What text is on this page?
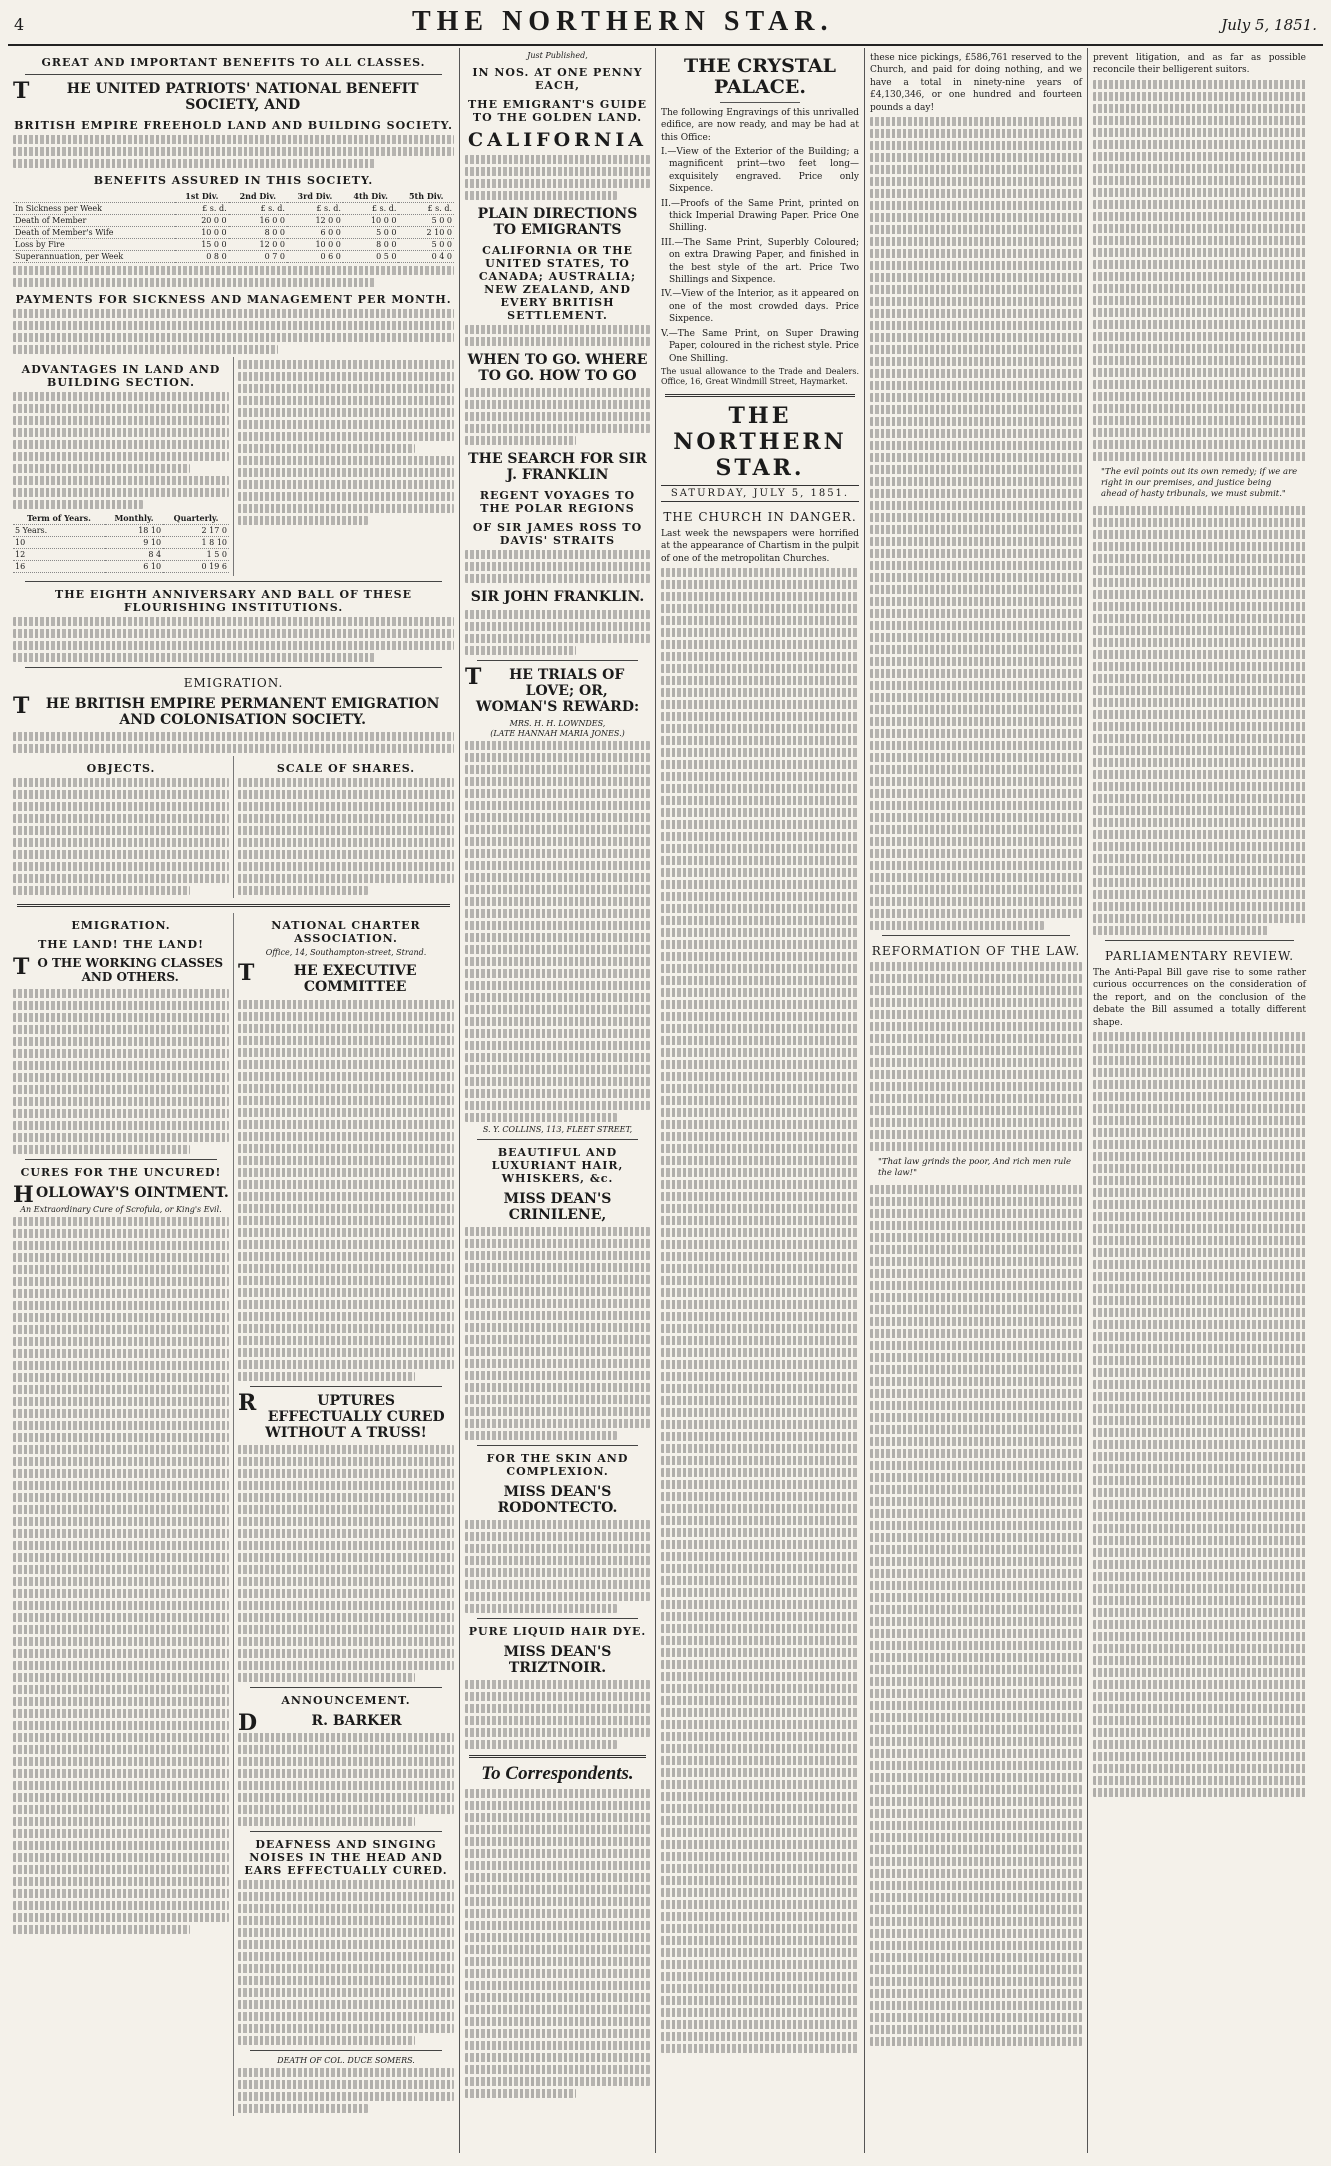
4	THE NORTHERN STAR.	July 5, 1851.
GREAT AND IMPORTANT BENEFITS TO ALL CLASSES.
THE UNITED PATRIOTS' NATIONAL BENEFIT SOCIETY, AND
BRITISH EMPIRE FREEHOLD LAND AND BUILDING SOCIETY.
BENEFITS ASSURED IN THIS SOCIETY.
	1st Div.	2nd Div.	3rd Div.	4th Div.	5th Div.
In Sickness per Week	£ s. d.	£ s. d.	£ s. d.	£ s. d.	£ s. d.
Death of Member	20 0 0	16 0 0	12 0 0	10 0 0	5 0 0
Death of Member's Wife	10 0 0	8 0 0	6 0 0	5 0 0	2 10 0
Loss by Fire	15 0 0	12 0 0	10 0 0	8 0 0	5 0 0
Superannuation, per Week	0 8 0	0 7 0	0 6 0	0 5 0	0 4 0
PAYMENTS FOR SICKNESS AND MANAGEMENT PER MONTH.
ADVANTAGES IN LAND AND BUILDING SECTION.
Term of Years.	Monthly.	Quarterly.
5 Years.	18 10	2 17 0
10	9 10	1 8 10
12	8 4	1 5 0
16	6 10	0 19 6
THE EIGHTH ANNIVERSARY AND BALL OF THESE FLOURISHING INSTITUTIONS.
EMIGRATION.
THE BRITISH EMPIRE PERMANENT EMIGRATION AND COLONISATION SOCIETY.
OBJECTS.	SCALE OF SHARES.
EMIGRATION.
THE LAND! THE LAND!
TO THE WORKING CLASSES AND OTHERS.
CURES FOR THE UNCURED!
HOLLOWAY'S OINTMENT.
An Extraordinary Cure of Scrofula, or King's Evil.
NATIONAL CHARTER ASSOCIATION.
Office, 14, Southampton-street, Strand.
THE EXECUTIVE COMMITTEE
RUPTURES EFFECTUALLY CURED WITHOUT A TRUSS!
ANNOUNCEMENT.
DR. BARKER
DEAFNESS AND SINGING NOISES IN THE HEAD AND EARS EFFECTUALLY CURED.
DEATH OF COL. DUCE SOMERS.
Just Published,
IN NOS. AT ONE PENNY EACH,
THE EMIGRANT'S GUIDE TO THE GOLDEN LAND.
CALIFORNIA
PLAIN DIRECTIONS TO EMIGRANTS
CALIFORNIA OR THE UNITED STATES, TO CANADA; AUSTRALIA; NEW ZEALAND, AND EVERY BRITISH SETTLEMENT.
WHEN TO GO. WHERE TO GO. HOW TO GO
THE SEARCH FOR SIR J. FRANKLIN
REGENT VOYAGES TO THE POLAR REGIONS
OF SIR JAMES ROSS TO DAVIS' STRAITS
SIR JOHN FRANKLIN.
THE TRIALS OF LOVE; OR, WOMAN'S REWARD:
MRS. H. H. LOWNDES,
(LATE HANNAH MARIA JONES.)
S. Y. COLLINS, 113, FLEET STREET,
BEAUTIFUL AND LUXURIANT HAIR, WHISKERS, &c.
MISS DEAN'S CRINILENE,
FOR THE SKIN AND COMPLEXION.
MISS DEAN'S RODONTECTO.
PURE LIQUID HAIR DYE.
MISS DEAN'S TRIZTNOIR.
To Correspondents.
THE CRYSTAL PALACE.
The following Engravings of this unrivalled edifice, are now ready, and may be had at this Office:
I.—View of the Exterior of the Building; a magnificent print—two feet long—exquisitely engraved. Price only Sixpence.
II.—Proofs of the Same Print, printed on thick Imperial Drawing Paper. Price One Shilling.
III.—The Same Print, Superbly Coloured; on extra Drawing Paper, and finished in the best style of the art. Price Two Shillings and Sixpence.
IV.—View of the Interior, as it appeared on one of the most crowded days. Price Sixpence.
V.—The Same Print, on Super Drawing Paper, coloured in the richest style. Price One Shilling.
The usual allowance to the Trade and Dealers. Office, 16, Great Windmill Street, Haymarket.
THE NORTHERN STAR.
SATURDAY, JULY 5, 1851.
THE CHURCH IN DANGER.
Last week the newspapers were horrified at the appearance of Chartism in the pulpit of one of the metropolitan Churches.
these nice pickings, £586,761 reserved to the Church, and paid for doing nothing, and we have a total in ninety-nine years of £4,130,346, or one hundred and fourteen pounds a day!
REFORMATION OF THE LAW.
"That law grinds the poor, And rich men rule the law!"
prevent litigation, and as far as possible reconcile their belligerent suitors.
"The evil points out its own remedy; if we are right in our premises, and justice being ahead of hasty tribunals, we must submit."
PARLIAMENTARY REVIEW.
The Anti-Papal Bill gave rise to some rather curious occurrences on the consideration of the report, and on the conclusion of the debate the Bill assumed a totally different shape.
